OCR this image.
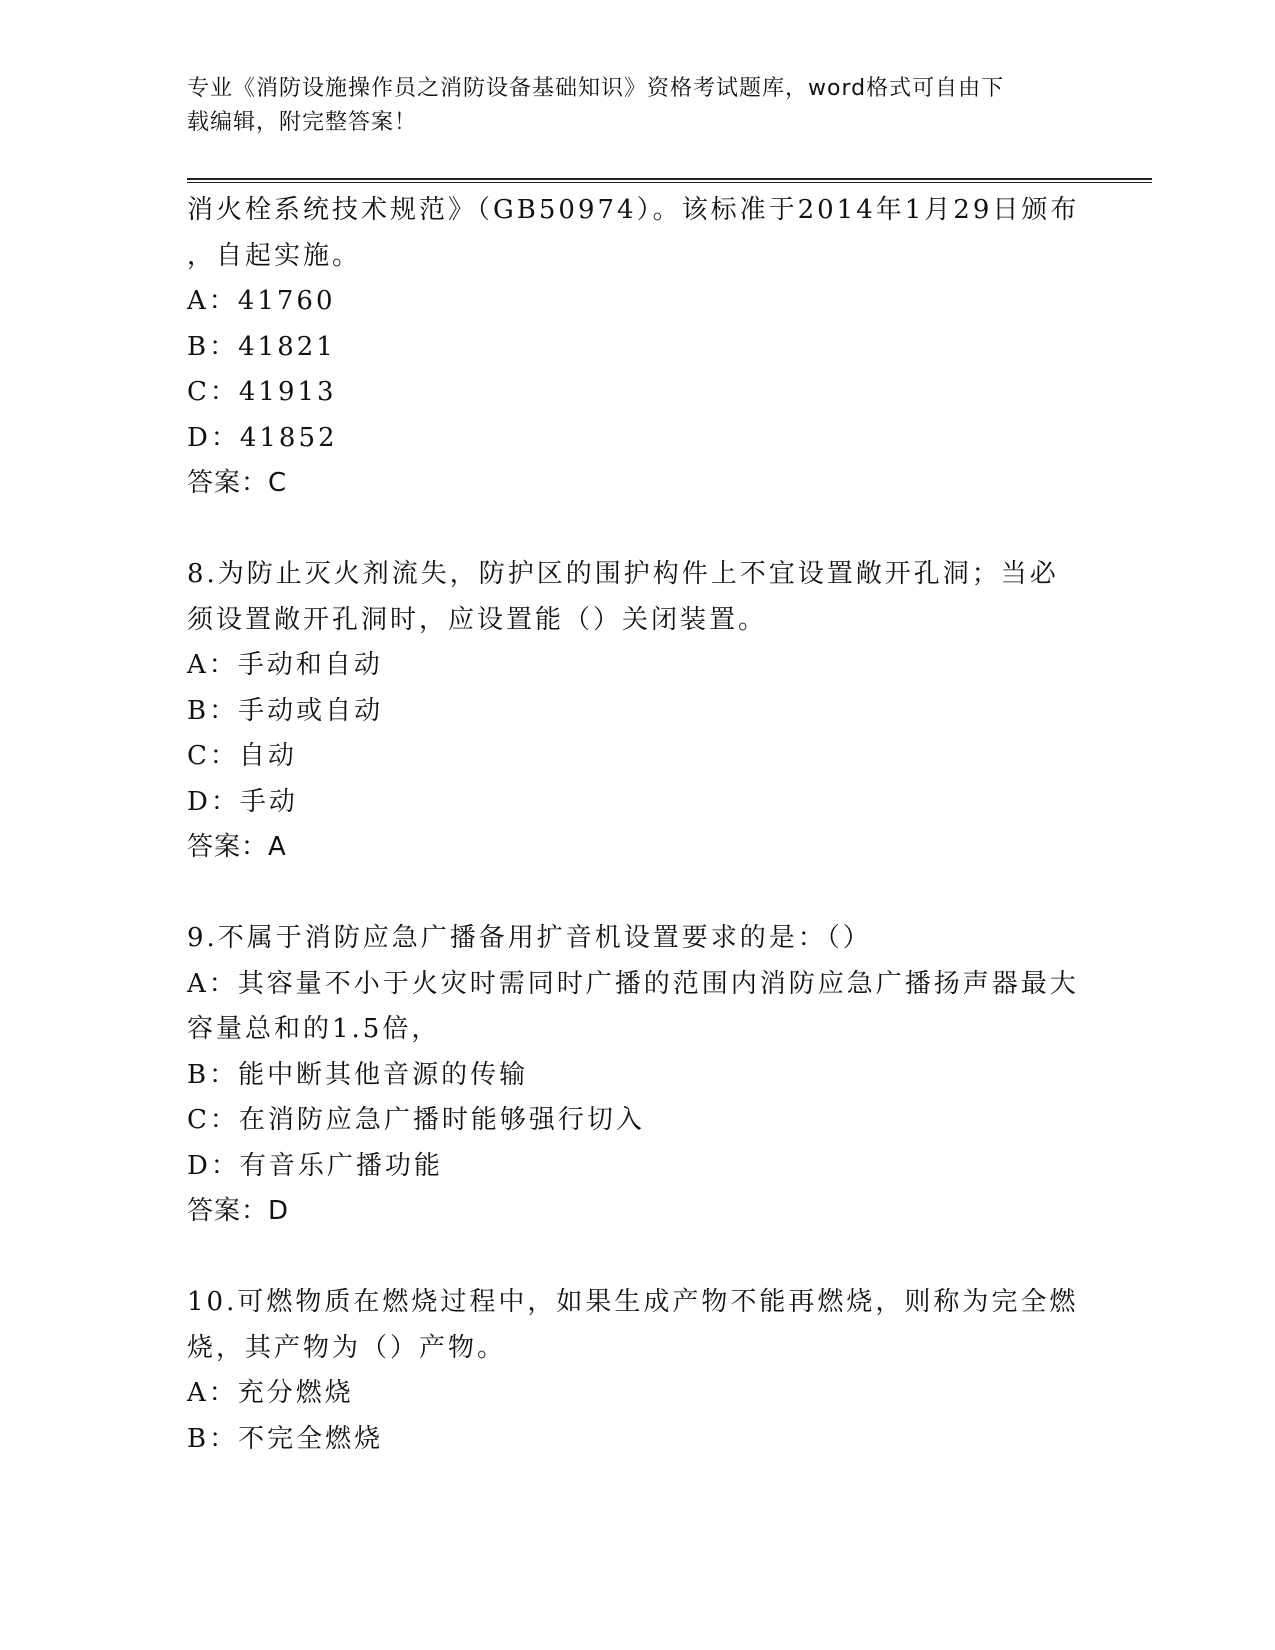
专业《消防设施操作员之消防设备基础知识》资格考试题库，word格式可自由下
载编辑，附完整答案！
消火栓系统技术规范》（GB50974）。该标准于2014年1月29日颁布
，自起实施。
A：41760
B：41821
C：41913
D：41852
答案：C
8.为防止灭火剂流失，防护区的围护构件上不宜设置敞开孔洞；当必
须设置敞开孔洞时，应设置能（）关闭装置。
A：手动和自动
B：手动或自动
C：自动
D：手动
答案：A
9.不属于消防应急广播备用扩音机设置要求的是：（）
A：其容量不小于火灾时需同时广播的范围内消防应急广播扬声器最大
容量总和的1.5倍，
B：能中断其他音源的传输
C：在消防应急广播时能够强行切入
D：有音乐广播功能
答案：D
10.可燃物质在燃烧过程中，如果生成产物不能再燃烧，则称为完全燃
烧，其产物为（）产物。
A：充分燃烧
B：不完全燃烧
